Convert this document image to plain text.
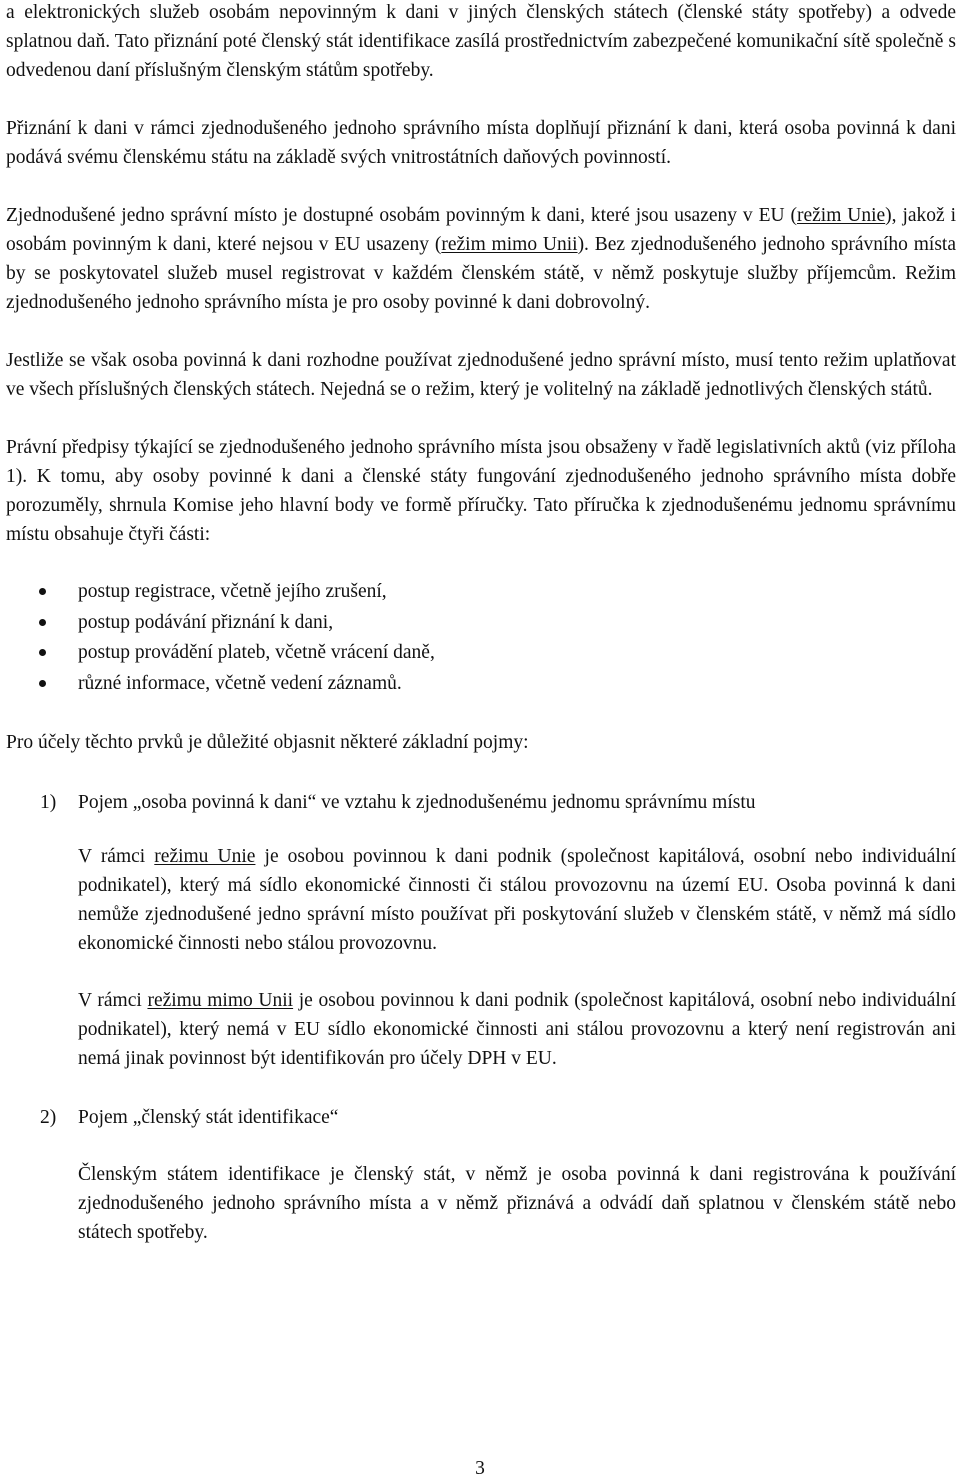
a elektronických služeb osobám nepovinným k dani v jiných členských státech (členské státy spotřeby) a odvede splatnou daň. Tato přiznání poté členský stát identifikace zasílá prostřednictvím zabezpečené komunikační sítě společně s odvedenou daní příslušným členským státům spotřeby.

Přiznání k dani v rámci zjednodušeného jednoho správního místa doplňují přiznání k dani, která osoba povinná k dani podává svému členskému státu na základě svých vnitrostátních daňových povinností.

Zjednodušené jedno správní místo je dostupné osobám povinným k dani, které jsou usazeny v EU (režim Unie), jakož i osobám povinným k dani, které nejsou v EU usazeny (režim mimo Unii). Bez zjednodušeného jednoho správního místa by se poskytovatel služeb musel registrovat v každém členském státě, v němž poskytuje služby příjemcům. Režim zjednodušeného jednoho správního místa je pro osoby povinné k dani dobrovolný.

Jestliže se však osoba povinná k dani rozhodne používat zjednodušené jedno správní místo, musí tento režim uplatňovat ve všech příslušných členských státech. Nejedná se o režim, který je volitelný na základě jednotlivých členských států.

Právní předpisy týkající se zjednodušeného jednoho správního místa jsou obsaženy v řadě legislativních aktů (viz příloha 1). K tomu, aby osoby povinné k dani a členské státy fungování zjednodušeného jednoho správního místa dobře porozuměly, shrnula Komise jeho hlavní body ve formě příručky. Tato příručka k zjednodušenému jednomu správnímu místu obsahuje čtyři části:

postup registrace, včetně jejího zrušení,
postup podávání přiznání k dani,
postup provádění plateb, včetně vrácení daně,
různé informace, včetně vedení záznamů.

Pro účely těchto prvků je důležité objasnit některé základní pojmy:

1) Pojem „osoba povinná k dani“ ve vztahu k zjednodušenému jednomu správnímu místu

V rámci režimu Unie je osobou povinnou k dani podnik (společnost kapitálová, osobní nebo individuální podnikatel), který má sídlo ekonomické činnosti či stálou provozovnu na území EU. Osoba povinná k dani nemůže zjednodušené jedno správní místo používat při poskytování služeb v členském státě, v němž má sídlo ekonomické činnosti nebo stálou provozovnu.

V rámci režimu mimo Unii je osobou povinnou k dani podnik (společnost kapitálová, osobní nebo individuální podnikatel), který nemá v EU sídlo ekonomické činnosti ani stálou provozovnu a který není registrován ani nemá jinak povinnost být identifikován pro účely DPH v EU.

2) Pojem „členský stát identifikace“

Členským státem identifikace je členský stát, v němž je osoba povinná k dani registrována k používání zjednodušeného jednoho správního místa a v němž přiznává a odvádí daň splatnou v členském státě nebo státech spotřeby.

3
